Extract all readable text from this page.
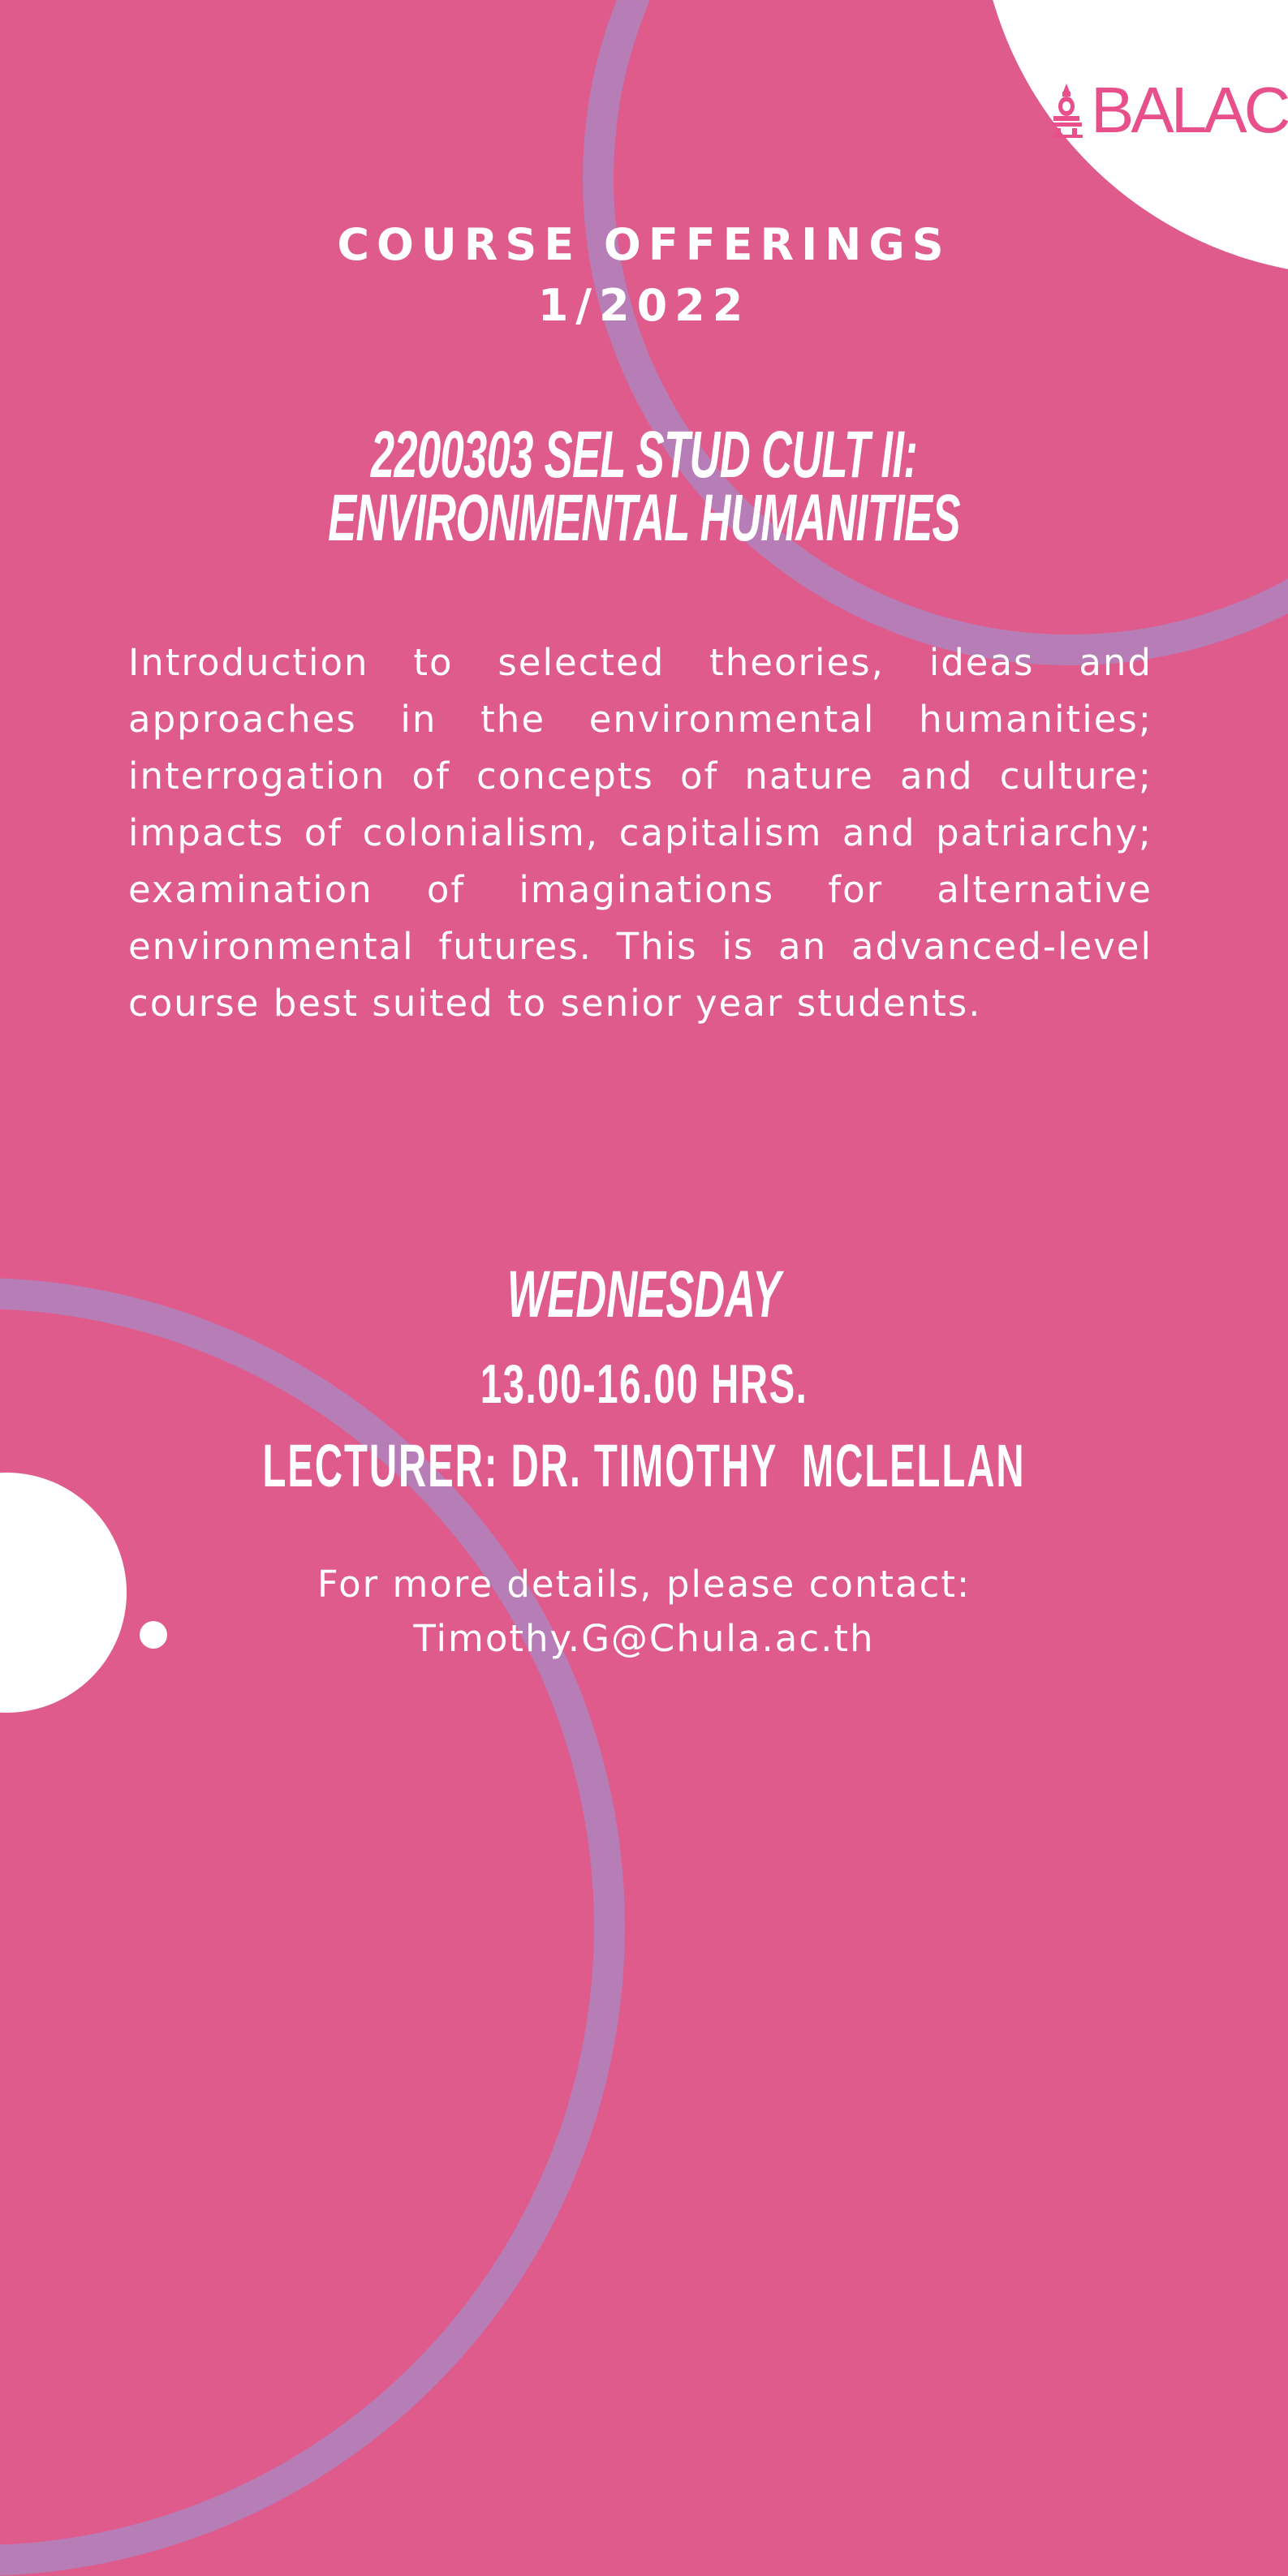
BALAC
COURSE OFFERINGS
1/2022
2200303 SEL STUD CULT II:
ENVIRONMENTAL HUMANITIES

Introduction to selected theories, ideas and approaches in the environmental humanities; interrogation of concepts of nature and culture; impacts of colonialism, capitalism and patriarchy; examination of imaginations for alternative environmental futures. This is an advanced-level course best suited to senior year students.

WEDNESDAY
13.00-16.00 HRS.
LECTURER: DR. TIMOTHY  MCLELLAN

For more details, please contact:

Timothy.G@Chula.ac.th
